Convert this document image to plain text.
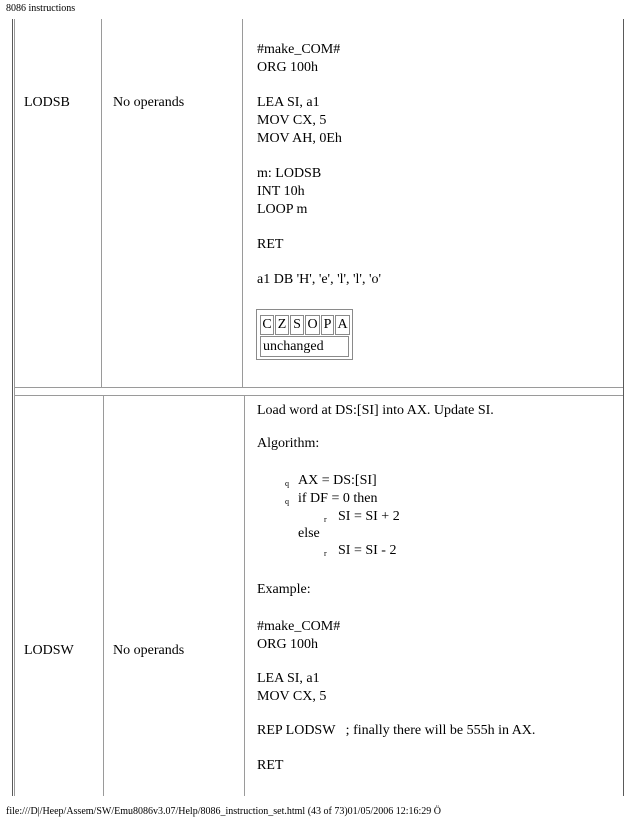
8086 instructions
LODSB	No operands
#make_COM#
ORG 100h
LEA SI, a1
MOV CX, 5
MOV AH, 0Eh
m: LODSB
INT 10h
LOOP m
RET
a1 DB 'H', 'e', 'l', 'l', 'o'
C Z S O P A
unchanged
LODSW	No operands
Load word at DS:[SI] into AX. Update SI.
Algorithm:
q AX = DS:[SI]
q if DF = 0 then
r SI = SI + 2
else
r SI = SI - 2
Example:
#make_COM#
ORG 100h
LEA SI, a1
MOV CX, 5
REP LODSW   ; finally there will be 555h in AX.
RET
file:///D|/Heep/Assem/SW/Emu8086v3.07/Help/8086_instruction_set.html (43 of 73)01/05/2006 12:16:29 Ö
